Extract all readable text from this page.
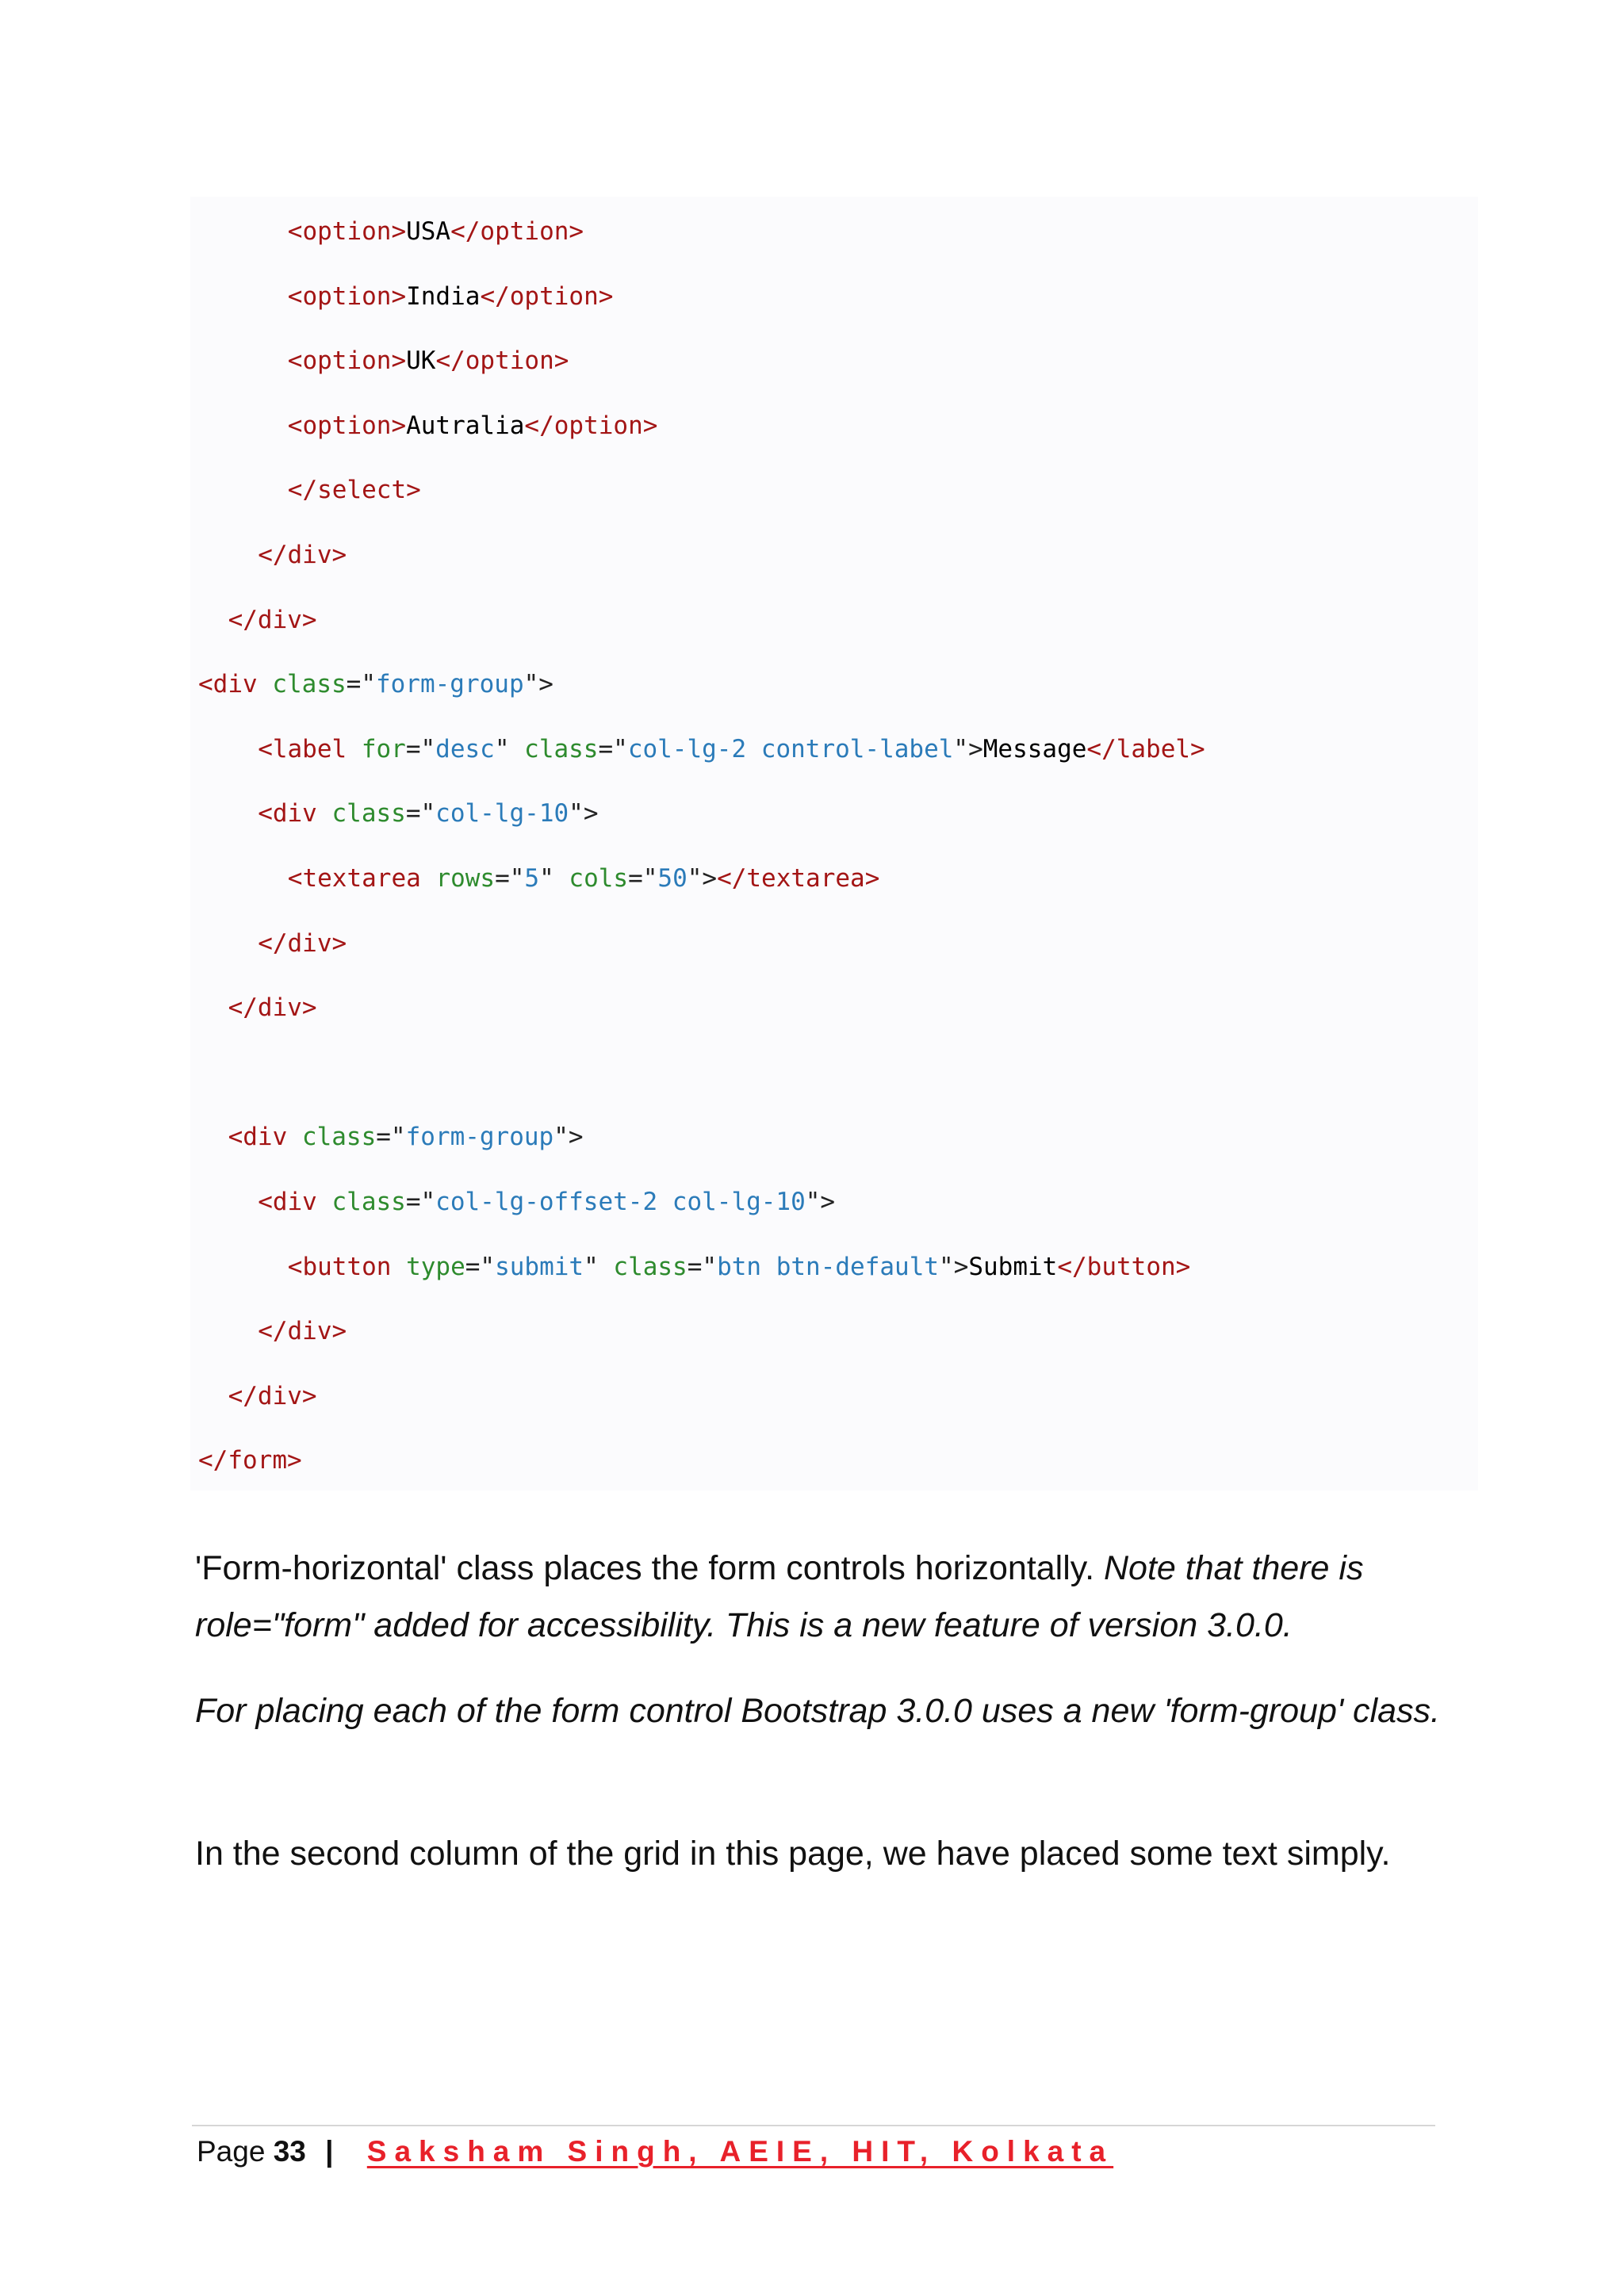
<option>USA</option>
<option>India</option>
<option>UK</option>
<option>Autralia</option>
</select>
</div>
</div>
<div class="form-group">
<label for="desc" class="col-lg-2 control-label">Message</label>
<div class="col-lg-10">
<textarea rows="5" cols="50"></textarea>
</div>
</div>
<div class="form-group">
<div class="col-lg-offset-2 col-lg-10">
<button type="submit" class="btn btn-default">Submit</button>
</div>
</div>
</form>

'Form-horizontal' class places the form controls horizontally. Note that there is role="form" added for accessibility. This is a new feature of version 3.0.0.

For placing each of the form control Bootstrap 3.0.0 uses a new 'form-group' class.

In the second column of the grid in this page, we have placed some text simply.

Page 33 | Saksham Singh, AEIE, HIT, Kolkata
